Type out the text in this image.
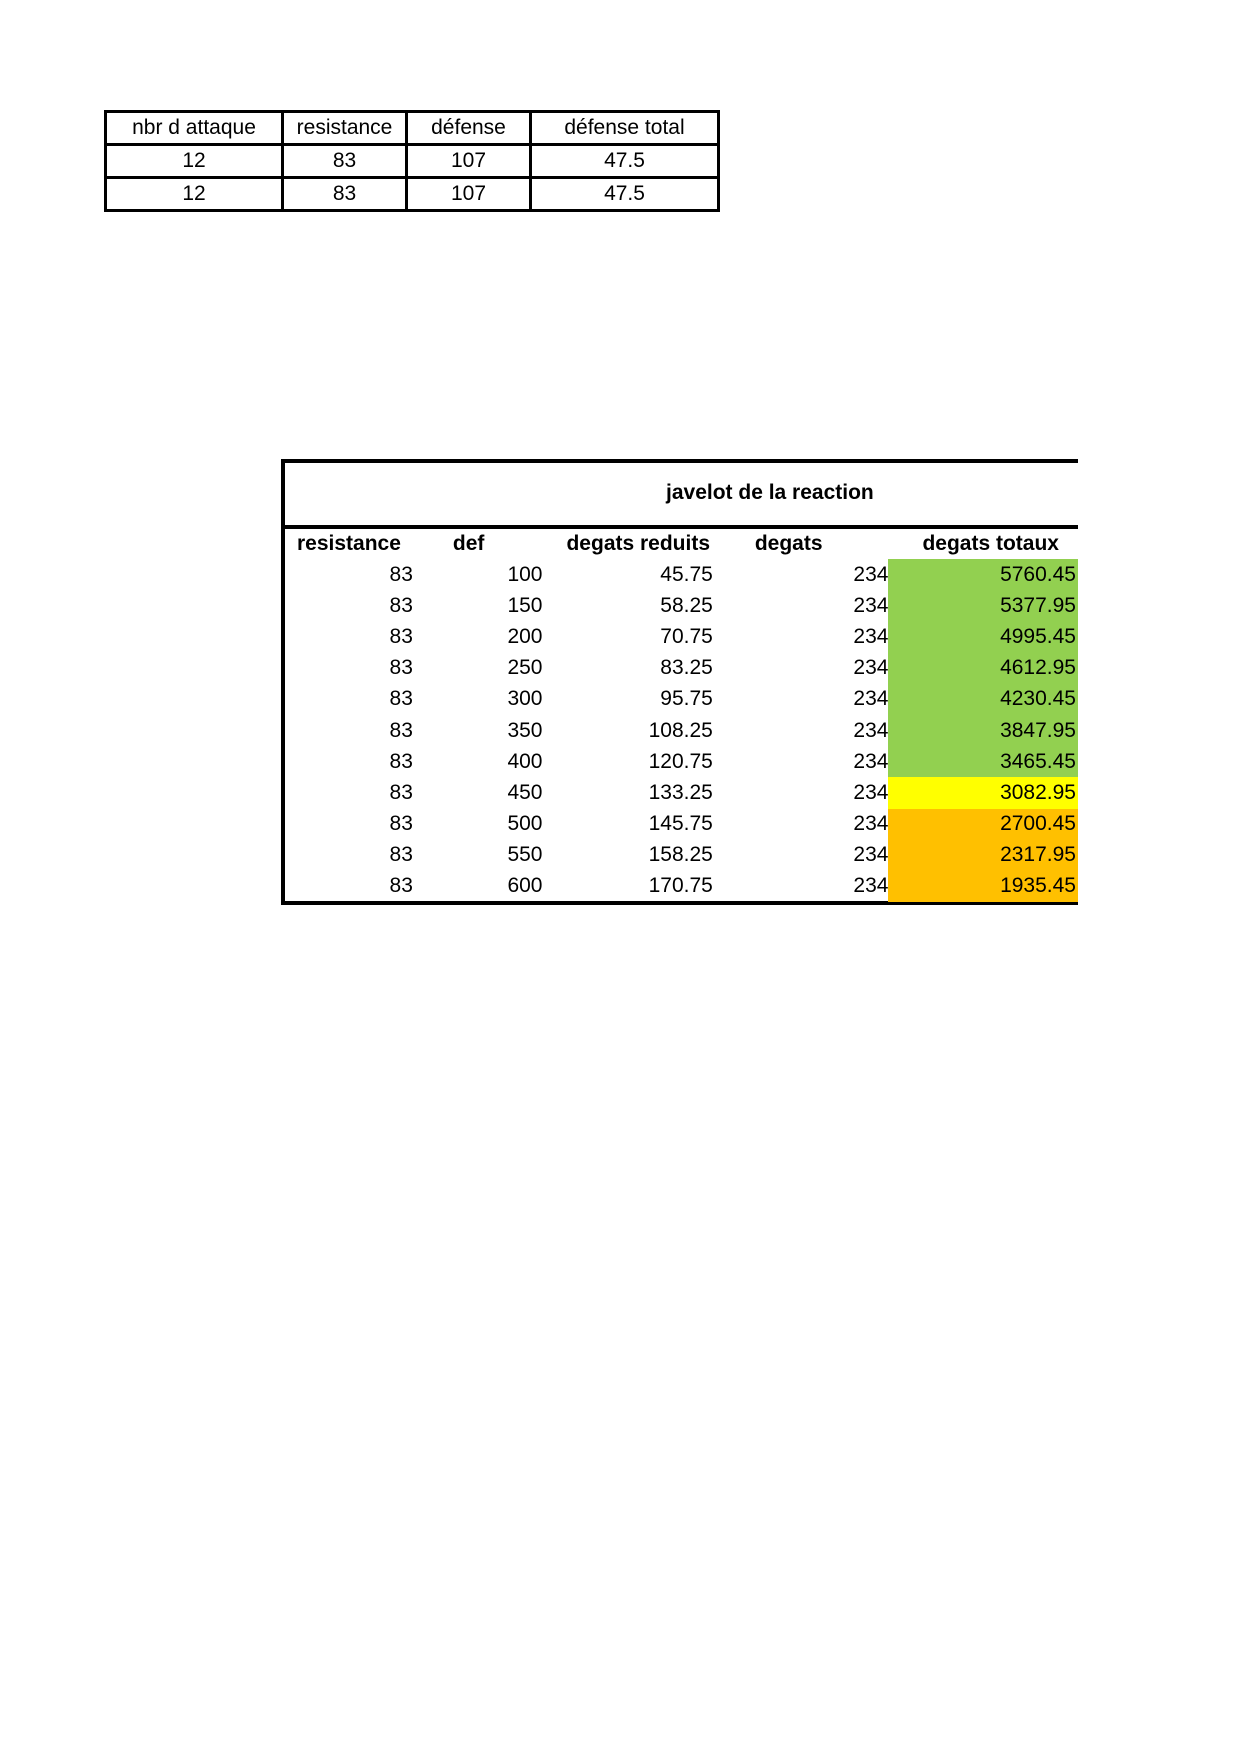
nbr d attaque	resistance	défense	défense total
12	83	107	47.5
12	83	107	47.5
javelot de la reaction
resistance	def	degats reduits	degats	degats totaux
83	100	45.75	234	5760.45
83	150	58.25	234	5377.95
83	200	70.75	234	4995.45
83	250	83.25	234	4612.95
83	300	95.75	234	4230.45
83	350	108.25	234	3847.95
83	400	120.75	234	3465.45
83	450	133.25	234	3082.95
83	500	145.75	234	2700.45
83	550	158.25	234	2317.95
83	600	170.75	234	1935.45
